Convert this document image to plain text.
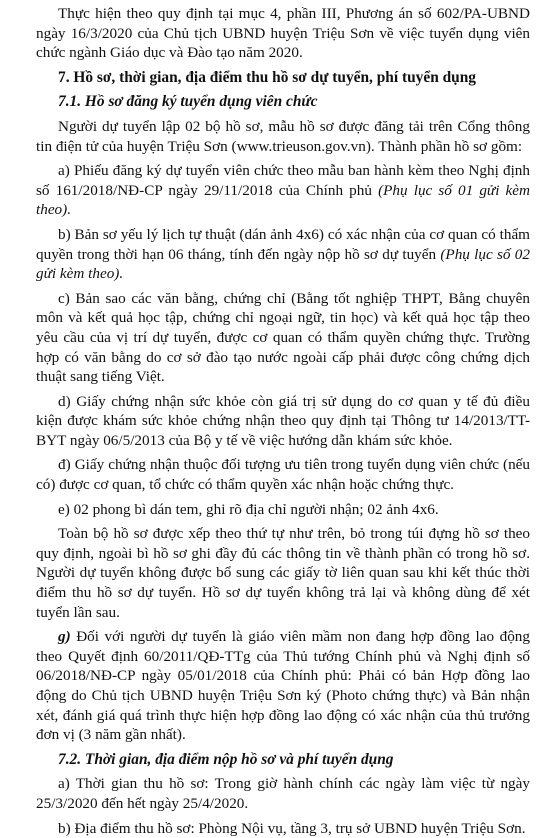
Thực hiện theo quy định tại mục 4, phần III, Phương án số 602/PA-UBND ngày 16/3/2020 của Chủ tịch UBND huyện Triệu Sơn về việc tuyển dụng viên chức ngành Giáo dục và Đào tạo năm 2020.

7. Hồ sơ, thời gian, địa điểm thu hồ sơ dự tuyển, phí tuyển dụng
7.1. Hồ sơ đăng ký tuyển dụng viên chức

Người dự tuyển lập 02 bộ hồ sơ, mẫu hồ sơ được đăng tải trên Cổng thông tin điện tử của huyện Triệu Sơn (www.trieuson.gov.vn). Thành phần hồ sơ gồm:

a) Phiếu đăng ký dự tuyển viên chức theo mẫu ban hành kèm theo Nghị định số 161/2018/NĐ-CP ngày 29/11/2018 của Chính phủ (Phụ lục số 01 gửi kèm theo).

b) Bản sơ yếu lý lịch tự thuật (dán ảnh 4x6) có xác nhận của cơ quan có thẩm quyền trong thời hạn 06 tháng, tính đến ngày nộp hồ sơ dự tuyển (Phụ lục số 02 gửi kèm theo).

c) Bản sao các văn bằng, chứng chỉ (Bằng tốt nghiệp THPT, Bằng chuyên môn và kết quả học tập, chứng chỉ ngoại ngữ, tin học) và kết quả học tập theo yêu cầu của vị trí dự tuyển, được cơ quan có thẩm quyền chứng thực. Trường hợp có văn bằng do cơ sở đào tạo nước ngoài cấp phải được công chứng dịch thuật sang tiếng Việt.

d) Giấy chứng nhận sức khỏe còn giá trị sử dụng do cơ quan y tế đủ điều kiện được khám sức khỏe chứng nhận theo quy định tại Thông tư 14/2013/TT-BYT ngày 06/5/2013 của Bộ y tế về việc hướng dẫn khám sức khỏe.

đ) Giấy chứng nhận thuộc đối tượng ưu tiên trong tuyển dụng viên chức (nếu có) được cơ quan, tổ chức có thẩm quyền xác nhận hoặc chứng thực.

e) 02 phong bì dán tem, ghi rõ địa chỉ người nhận; 02 ảnh 4x6.

Toàn bộ hồ sơ được xếp theo thứ tự như trên, bỏ trong túi đựng hồ sơ theo quy định, ngoài bì hồ sơ ghi đầy đủ các thông tin về thành phần có trong hồ sơ. Người dự tuyển không được bổ sung các giấy tờ liên quan sau khi kết thúc thời điểm thu hồ sơ dự tuyển. Hồ sơ dự tuyển không trả lại và không dùng để xét tuyển lần sau.

g) Đối với người dự tuyển là giáo viên mầm non đang hợp đồng lao động theo Quyết định 60/2011/QĐ-TTg của Thủ tướng Chính phủ và Nghị định số 06/2018/NĐ-CP ngày 05/01/2018 của Chính phủ: Phải có bản Hợp đồng lao động do Chủ tịch UBND huyện Triệu Sơn ký (Photo chứng thực) và Bản nhận xét, đánh giá quá trình thực hiện hợp đồng lao động có xác nhận của thủ trưởng đơn vị (3 năm gần nhất).

7.2. Thời gian, địa điểm nộp hồ sơ và phí tuyển dụng

a) Thời gian thu hồ sơ: Trong giờ hành chính các ngày làm việc từ ngày 25/3/2020 đến hết ngày 25/4/2020.

b) Địa điểm thu hồ sơ: Phòng Nội vụ, tầng 3, trụ sở UBND huyện Triệu Sơn.
